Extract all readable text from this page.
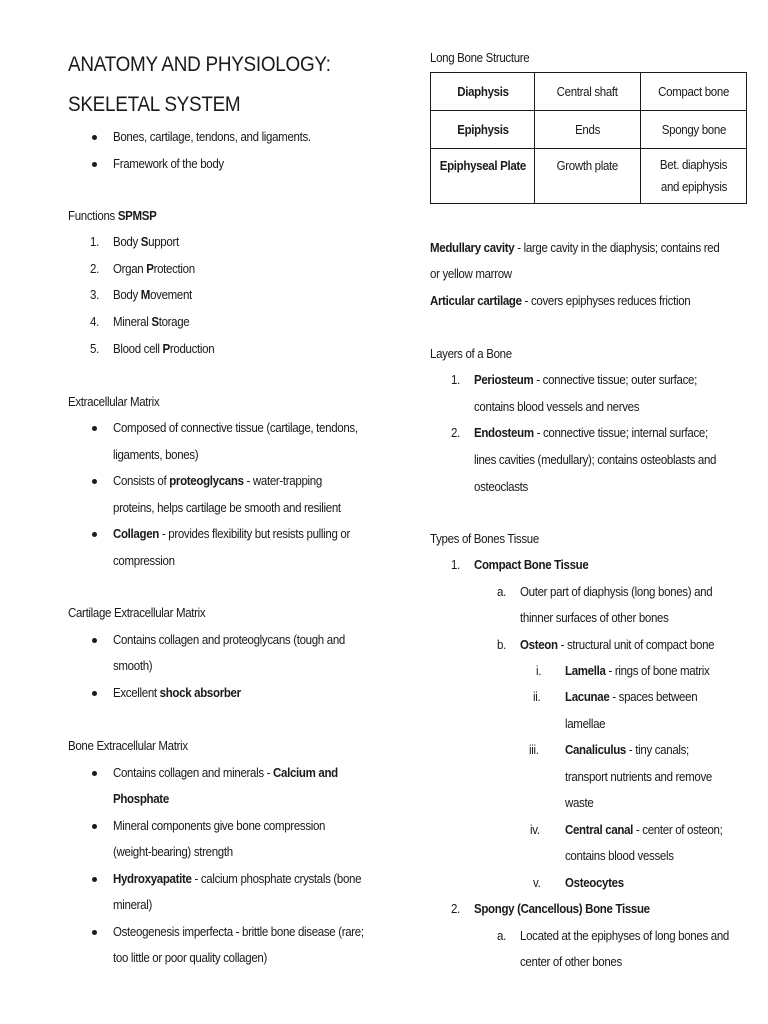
ANATOMY AND PHYSIOLOGY:
SKELETAL SYSTEM
Bones, cartilage, tendons, and ligaments.
Framework of the body
Functions SPMSP
1. Body Support
2. Organ Protection
3. Body Movement
4. Mineral Storage
5. Blood cell Production
Extracellular Matrix
Composed of connective tissue (cartilage, tendons,
ligaments, bones)
Consists of proteoglycans - water-trapping
proteins, helps cartilage be smooth and resilient
Collagen - provides flexibility but resists pulling or
compression
Cartilage Extracellular Matrix
Contains collagen and proteoglycans (tough and
smooth)
Excellent shock absorber
Bone Extracellular Matrix
Contains collagen and minerals - Calcium and
Phosphate
Mineral components give bone compression
(weight-bearing) strength
Hydroxyapatite - calcium phosphate crystals (bone
mineral)
Osteogenesis imperfecta - brittle bone disease (rare;
too little or poor quality collagen)
Long Bone Structure
Diaphysis	Central shaft	Compact bone
Epiphysis	Ends	Spongy bone
Epiphyseal Plate	Growth plate	Bet. diaphysis
and epiphysis
Medullary cavity - large cavity in the diaphysis; contains red
or yellow marrow
Articular cartilage - covers epiphyses reduces friction
Layers of a Bone
1. Periosteum - connective tissue; outer surface;
contains blood vessels and nerves
2. Endosteum - connective tissue; internal surface;
lines cavities (medullary); contains osteoblasts and
osteoclasts
Types of Bones Tissue
1. Compact Bone Tissue
a. Outer part of diaphysis (long bones) and
thinner surfaces of other bones
b. Osteon - structural unit of compact bone
i. Lamella - rings of bone matrix
ii. Lacunae - spaces between
lamellae
iii. Canaliculus - tiny canals;
transport nutrients and remove
waste
iv. Central canal - center of osteon;
contains blood vessels
v. Osteocytes
2. Spongy (Cancellous) Bone Tissue
a. Located at the epiphyses of long bones and
center of other bones
